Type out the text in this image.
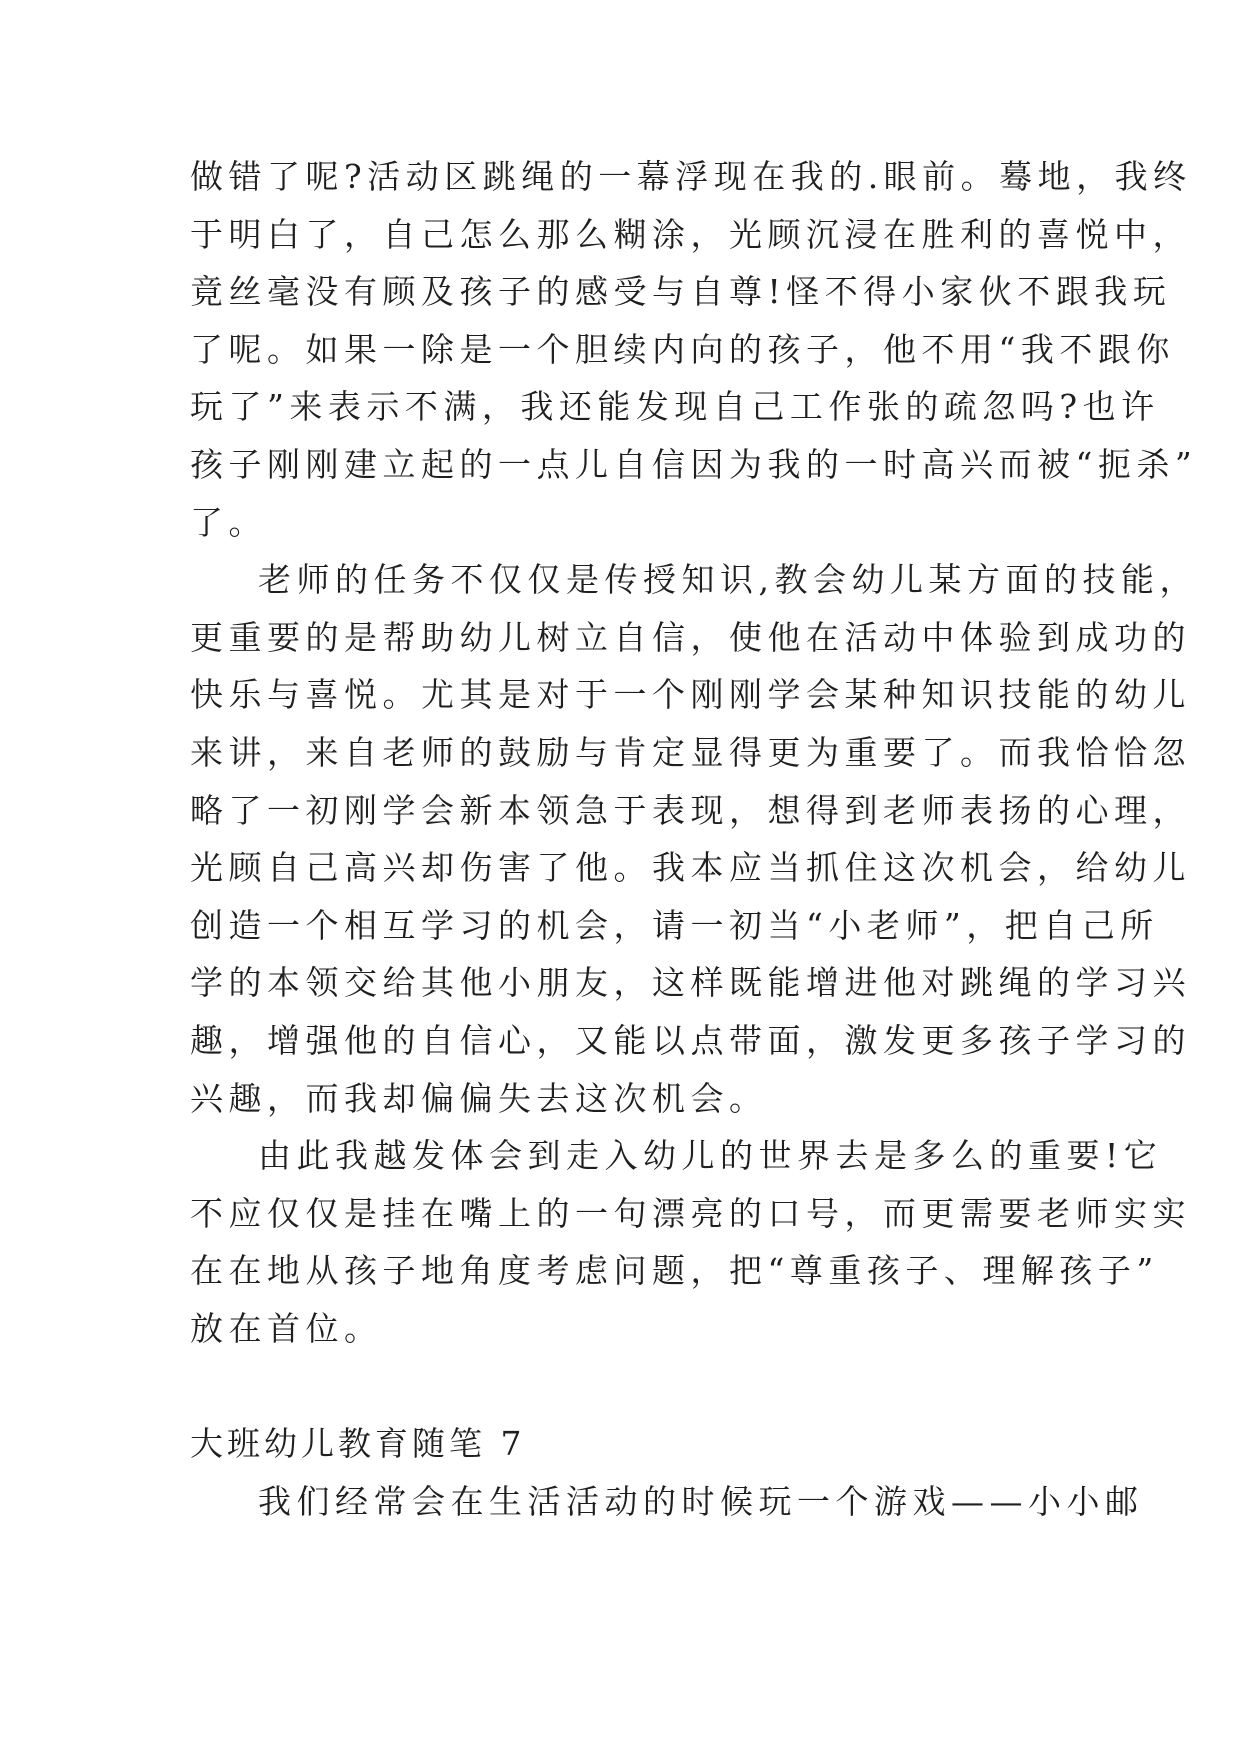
做错了呢?活动区跳绳的一幕浮现在我的.眼前。蓦地，我终
于明白了，自己怎么那么糊涂，光顾沉浸在胜利的喜悦中，
竟丝毫没有顾及孩子的感受与自尊!怪不得小家伙不跟我玩
了呢。如果一除是一个胆续内向的孩子，他不用“我不跟你
玩了”来表示不满，我还能发现自己工作张的疏忽吗?也许
孩子刚刚建立起的一点儿自信因为我的一时高兴而被“扼杀”
了。
老师的任务不仅仅是传授知识,教会幼儿某方面的技能，
更重要的是帮助幼儿树立自信，使他在活动中体验到成功的
快乐与喜悦。尤其是对于一个刚刚学会某种知识技能的幼儿
来讲，来自老师的鼓励与肯定显得更为重要了。而我恰恰忽
略了一初刚学会新本领急于表现，想得到老师表扬的心理，
光顾自己高兴却伤害了他。我本应当抓住这次机会，给幼儿
创造一个相互学习的机会，请一初当“小老师”，把自己所
学的本领交给其他小朋友，这样既能增进他对跳绳的学习兴
趣，增强他的自信心，又能以点带面，激发更多孩子学习的
兴趣，而我却偏偏失去这次机会。
由此我越发体会到走入幼儿的世界去是多么的重要!它
不应仅仅是挂在嘴上的一句漂亮的口号，而更需要老师实实
在在地从孩子地角度考虑问题，把“尊重孩子、理解孩子”
放在首位。
大班幼儿教育随笔 7
我们经常会在生活活动的时候玩一个游戏——小小邮
